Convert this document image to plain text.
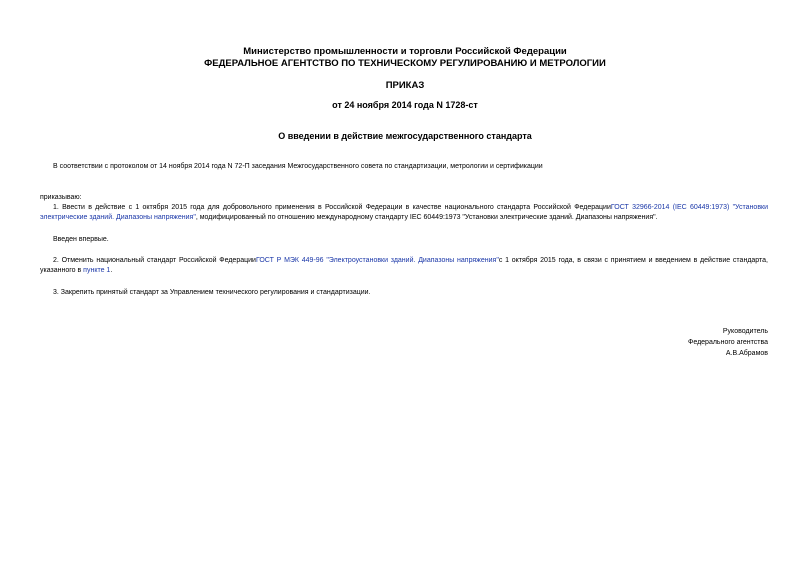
Министерство промышленности и торговли Российской Федерации
ФЕДЕРАЛЬНОЕ АГЕНТСТВО ПО ТЕХНИЧЕСКОМУ РЕГУЛИРОВАНИЮ И МЕТРОЛОГИИ
ПРИКАЗ
от 24 ноября 2014 года N 1728-ст
О введении в действие межгосударственного стандарта
В соответствии с протоколом от 14 ноября 2014 года N 72-П заседания Межгосударственного совета по стандартизации, метрологии и сертификации
приказываю:
1. Ввести в действие с 1 октября 2015 года для добровольного применения в Российской Федерации в качестве национального стандарта Российской ФедерацииГОСТ 32966-2014 (IEC 60449:1973) "Установки электрические зданий. Диапазоны напряжения", модифицированный по отношению международному стандарту IEC 60449:1973 "Установки электрические зданий. Диапазоны напряжения".
Введен впервые.
2. Отменить национальный стандарт Российской ФедерацииГОСТ Р МЭК 449-96 "Электроустановки зданий. Диапазоны напряжения"с 1 октября 2015 года, в связи с принятием и введением в действие стандарта, указанного в пункте 1.
3. Закрепить принятый стандарт за Управлением технического регулирования и стандартизации.
Руководитель
Федерального агентства
А.В.Абрамов
